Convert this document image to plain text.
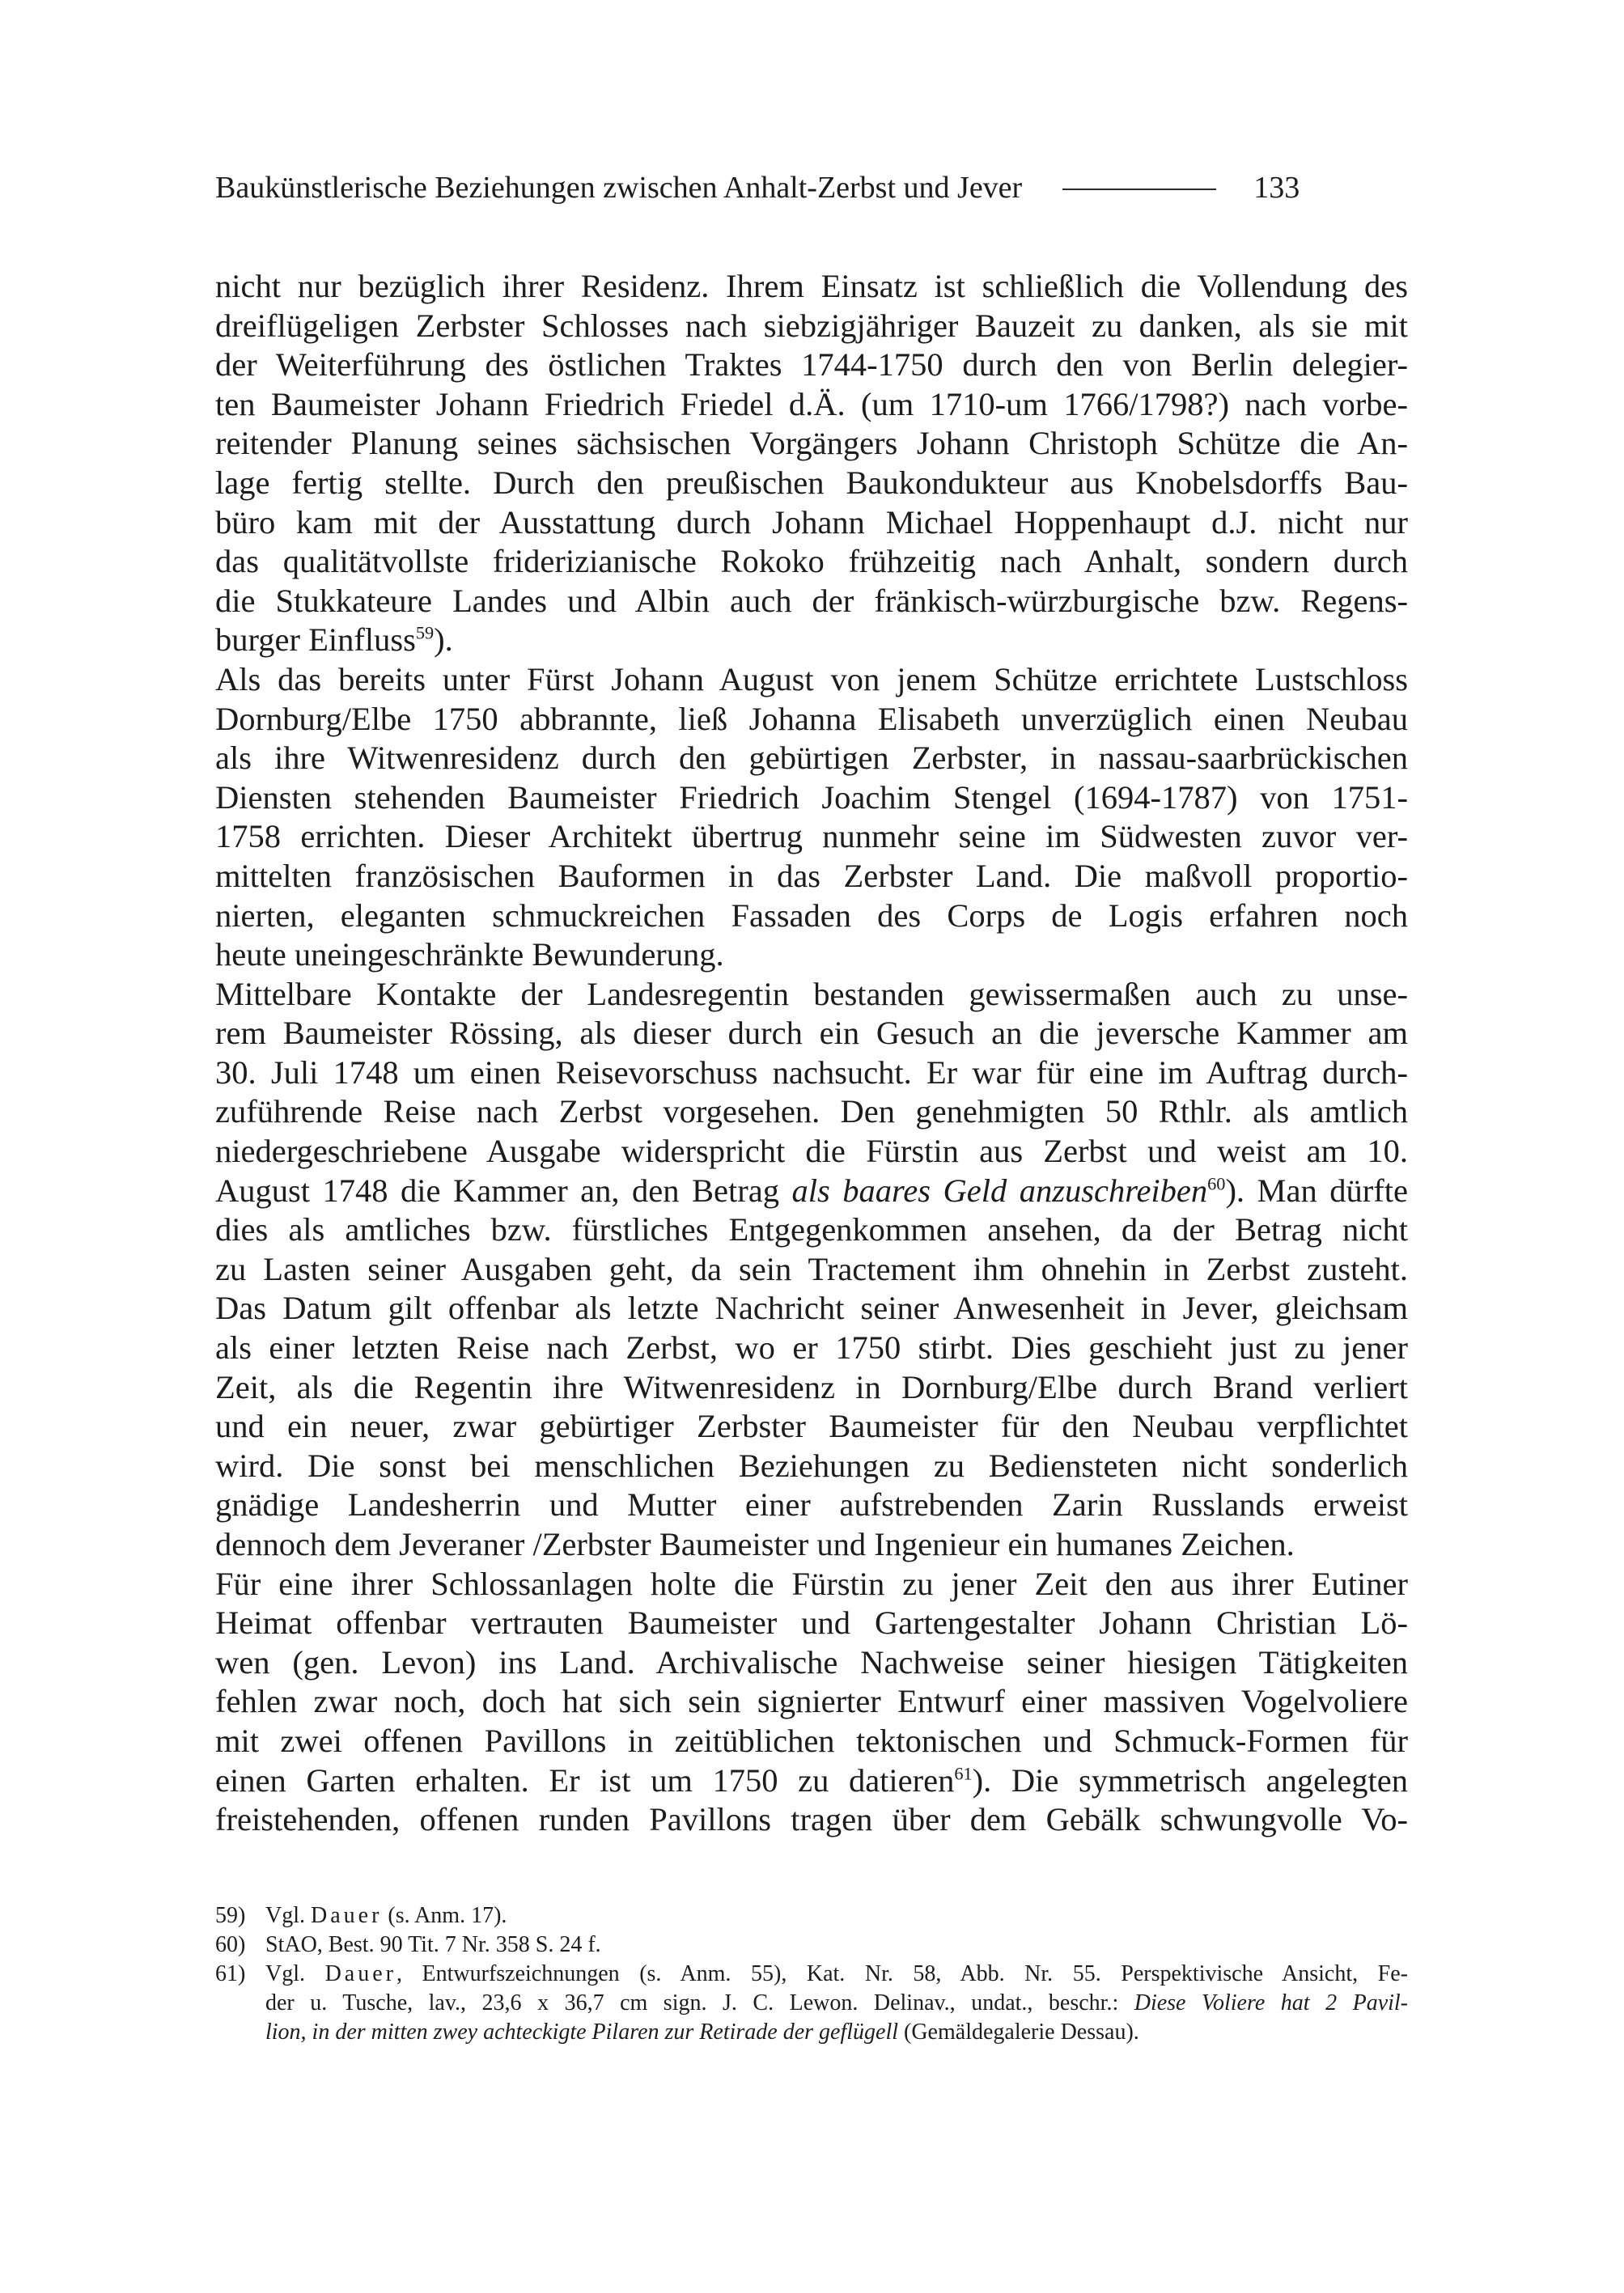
Baukünstlerische Beziehungen zwischen Anhalt-Zerbst und Jever	133
nicht nur bezüglich ihrer Residenz. Ihrem Einsatz ist schließlich die Vollendung des
dreiflügeligen Zerbster Schlosses nach siebzigjähriger Bauzeit zu danken, als sie mit
der Weiterführung des östlichen Traktes 1744-1750 durch den von Berlin delegier-
ten Baumeister Johann Friedrich Friedel d.Ä. (um 1710-um 1766/1798?) nach vorbe-
reitender Planung seines sächsischen Vorgängers Johann Christoph Schütze die An-
lage fertig stellte. Durch den preußischen Baukondukteur aus Knobelsdorffs Bau-
büro kam mit der Ausstattung durch Johann Michael Hoppenhaupt d.J. nicht nur
das qualitätvollste friderizianische Rokoko frühzeitig nach Anhalt, sondern durch
die Stukkateure Landes und Albin auch der fränkisch-würzburgische bzw. Regens-
burger Einfluss$^{59}$).
Als das bereits unter Fürst Johann August von jenem Schütze errichtete Lustschloss
Dornburg/Elbe 1750 abbrannte, ließ Johanna Elisabeth unverzüglich einen Neubau
als ihre Witwenresidenz durch den gebürtigen Zerbster, in nassau-saarbrückischen
Diensten stehenden Baumeister Friedrich Joachim Stengel (1694-1787) von 1751-
1758 errichten. Dieser Architekt übertrug nunmehr seine im Südwesten zuvor ver-
mittelten französischen Bauformen in das Zerbster Land. Die maßvoll proportio-
nierten, eleganten schmuckreichen Fassaden des Corps de Logis erfahren noch
heute uneingeschränkte Bewunderung.
Mittelbare Kontakte der Landesregentin bestanden gewissermaßen auch zu unse-
rem Baumeister Rössing, als dieser durch ein Gesuch an die jeversche Kammer am
30. Juli 1748 um einen Reisevorschuss nachsucht. Er war für eine im Auftrag durch-
zuführende Reise nach Zerbst vorgesehen. Den genehmigten 50 Rthlr. als amtlich
niedergeschriebene Ausgabe widerspricht die Fürstin aus Zerbst und weist am 10.
August 1748 die Kammer an, den Betrag als baares Geld anzuschreiben$^{60}$). Man dürfte
dies als amtliches bzw. fürstliches Entgegenkommen ansehen, da der Betrag nicht
zu Lasten seiner Ausgaben geht, da sein Tractement ihm ohnehin in Zerbst zusteht.
Das Datum gilt offenbar als letzte Nachricht seiner Anwesenheit in Jever, gleichsam
als einer letzten Reise nach Zerbst, wo er 1750 stirbt. Dies geschieht just zu jener
Zeit, als die Regentin ihre Witwenresidenz in Dornburg/Elbe durch Brand verliert
und ein neuer, zwar gebürtiger Zerbster Baumeister für den Neubau verpflichtet
wird. Die sonst bei menschlichen Beziehungen zu Bediensteten nicht sonderlich
gnädige Landesherrin und Mutter einer aufstrebenden Zarin Russlands erweist
dennoch dem Jeveraner /Zerbster Baumeister und Ingenieur ein humanes Zeichen.
Für eine ihrer Schlossanlagen holte die Fürstin zu jener Zeit den aus ihrer Eutiner
Heimat offenbar vertrauten Baumeister und Gartengestalter Johann Christian Lö-
wen (gen. Levon) ins Land. Archivalische Nachweise seiner hiesigen Tätigkeiten
fehlen zwar noch, doch hat sich sein signierter Entwurf einer massiven Vogelvoliere
mit zwei offenen Pavillons in zeitüblichen tektonischen und Schmuck-Formen für
einen Garten erhalten. Er ist um 1750 zu datieren$^{61}$). Die symmetrisch angelegten
freistehenden, offenen runden Pavillons tragen über dem Gebälk schwungvolle Vo-
59) Vgl. Dauer (s. Anm. 17).
60) StAO, Best. 90 Tit. 7 Nr. 358 S. 24 f.
61) Vgl. Dauer, Entwurfszeichnungen (s. Anm. 55), Kat. Nr. 58, Abb. Nr. 55. Perspektivische Ansicht, Fe-
der u. Tusche, lav., 23,6 x 36,7 cm sign. J. C. Lewon. Delinav., undat., beschr.: Diese Voliere hat 2 Pavil-
lion, in der mitten zwey achteckigte Pilaren zur Retirade der geflügell (Gemäldegalerie Dessau).
